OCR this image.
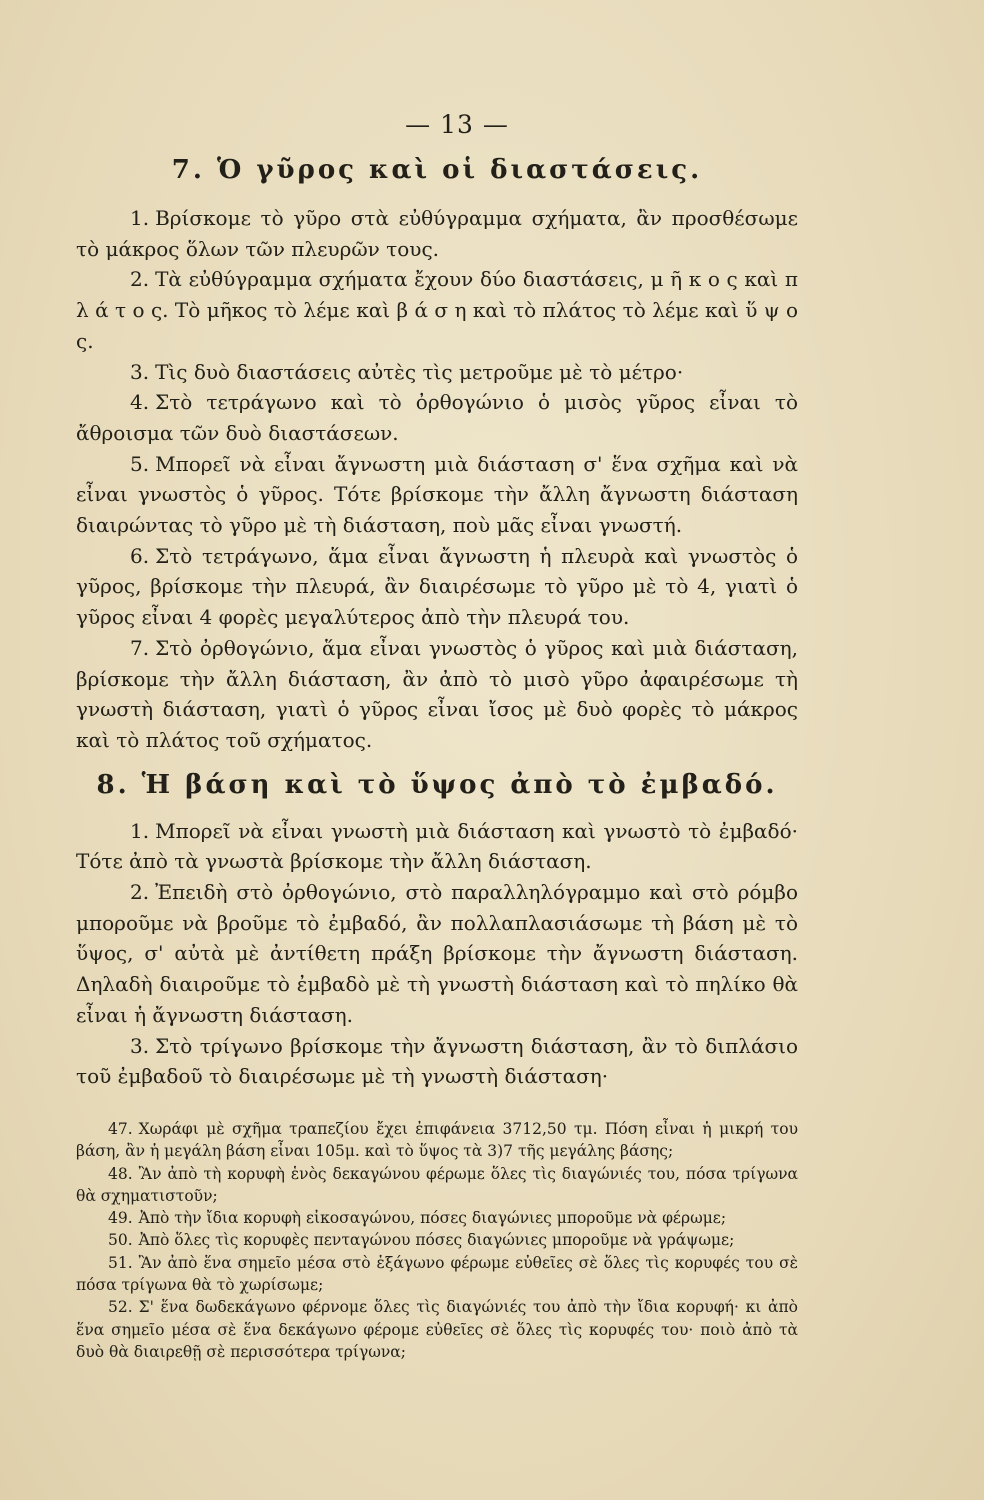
— 13 —
7. Ὁ γῦρος καὶ οἱ διαστάσεις.

1. Βρίσκομε τὸ γῦρο στὰ εὐθύγραμμα σχήματα, ἂν προσθέσωμε τὸ μάκρος ὅλων τῶν πλευρῶν τους.

2. Τὰ εὐθύγραμμα σχήματα ἔχουν δύο διαστάσεις, μ ῆ κ ο ς καὶ π λ ά τ ο ς. Τὸ μῆκος τὸ λέμε καὶ β ά σ η καὶ τὸ πλάτος τὸ λέμε καὶ ὕ ψ ο ς.

3. Τὶς δυὸ διαστάσεις αὐτὲς τὶς μετροῦμε μὲ τὸ μέτρο·

4. Στὸ τετράγωνο καὶ τὸ ὀρθογώνιο ὁ μισὸς γῦρος εἶναι τὸ ἄθροισμα τῶν δυὸ διαστάσεων.

5. Μπορεῖ νὰ εἶναι ἄγνωστη μιὰ διάσταση σ' ἕνα σχῆμα καὶ νὰ εἶναι γνωστὸς ὁ γῦρος. Τότε βρίσκομε τὴν ἄλλη ἄγνωστη διάσταση διαιρώντας τὸ γῦρο μὲ τὴ διάσταση, ποὺ μᾶς εἶναι γνωστή.

6. Στὸ τετράγωνο, ἅμα εἶναι ἄγνωστη ἡ πλευρὰ καὶ γνωστὸς ὁ γῦρος, βρίσκομε τὴν πλευρά, ἂν διαιρέσωμε τὸ γῦρο μὲ τὸ 4, γιατὶ ὁ γῦρος εἶναι 4 φορὲς μεγαλύτερος ἀπὸ τὴν πλευρά του.

7. Στὸ ὀρθογώνιο, ἅμα εἶναι γνωστὸς ὁ γῦρος καὶ μιὰ διάσταση, βρίσκομε τὴν ἄλλη διάσταση, ἂν ἀπὸ τὸ μισὸ γῦρο ἀφαιρέσωμε τὴ γνωστὴ διάσταση, γιατὶ ὁ γῦρος εἶναι ἴσος μὲ δυὸ φορὲς τὸ μάκρος καὶ τὸ πλάτος τοῦ σχήματος.

8. Ἡ βάση καὶ τὸ ὕψος ἀπὸ τὸ ἐμβαδό.

1. Μπορεῖ νὰ εἶναι γνωστὴ μιὰ διάσταση καὶ γνωστὸ τὸ ἐμβαδό· Τότε ἀπὸ τὰ γνωστὰ βρίσκομε τὴν ἄλλη διάσταση.

2. Ἐπειδὴ στὸ ὀρθογώνιο, στὸ παραλληλόγραμμο καὶ στὸ ρόμβο μποροῦμε νὰ βροῦμε τὸ ἐμβαδό, ἂν πολλαπλασιάσωμε τὴ βάση μὲ τὸ ὕψος, σ' αὐτὰ μὲ ἀντίθετη πράξη βρίσκομε τὴν ἄγνωστη διάσταση. Δηλαδὴ διαιροῦμε τὸ ἐμβαδὸ μὲ τὴ γνωστὴ διάσταση καὶ τὸ πηλίκο θὰ εἶναι ἡ ἄγνωστη διάσταση.

3. Στὸ τρίγωνο βρίσκομε τὴν ἄγνωστη διάσταση, ἂν τὸ διπλάσιο τοῦ ἐμβαδοῦ τὸ διαιρέσωμε μὲ τὴ γνωστὴ διάσταση·

47. Χωράφι μὲ σχῆμα τραπεζίου ἔχει ἐπιφάνεια 3712,50 τμ. Πόση εἶναι ἡ μικρή του βάση, ἂν ἡ μεγάλη βάση εἶναι 105μ. καὶ τὸ ὕψος τὰ 3)7 τῆς μεγάλης βάσης;

48. Ἂν ἀπὸ τὴ κορυφὴ ἑνὸς δεκαγώνου φέρωμε ὅλες τὶς διαγώνιές του, πόσα τρίγωνα θὰ σχηματιστοῦν;

49. Ἀπὸ τὴν ἴδια κορυφὴ εἰκοσαγώνου, πόσες διαγώνιες μποροῦμε νὰ φέρωμε;

50. Ἀπὸ ὅλες τὶς κορυφὲς πενταγώνου πόσες διαγώνιες μποροῦμε νὰ γράψωμε;

51. Ἂν ἀπὸ ἕνα σημεῖο μέσα στὸ ἑξάγωνο φέρωμε εὐθεῖες σὲ ὅλες τὶς κορυφές του σὲ πόσα τρίγωνα θὰ τὸ χωρίσωμε;

52. Σ' ἕνα δωδεκάγωνο φέρνομε ὅλες τὶς διαγώνιές του ἀπὸ τὴν ἴδια κορυφή· κι ἀπὸ ἕνα σημεῖο μέσα σὲ ἕνα δεκάγωνο φέρομε εὐθεῖες σὲ ὅλες τὶς κορυφές του· ποιὸ ἀπὸ τὰ δυὸ θὰ διαιρεθῇ σὲ περισσότερα τρίγωνα;
